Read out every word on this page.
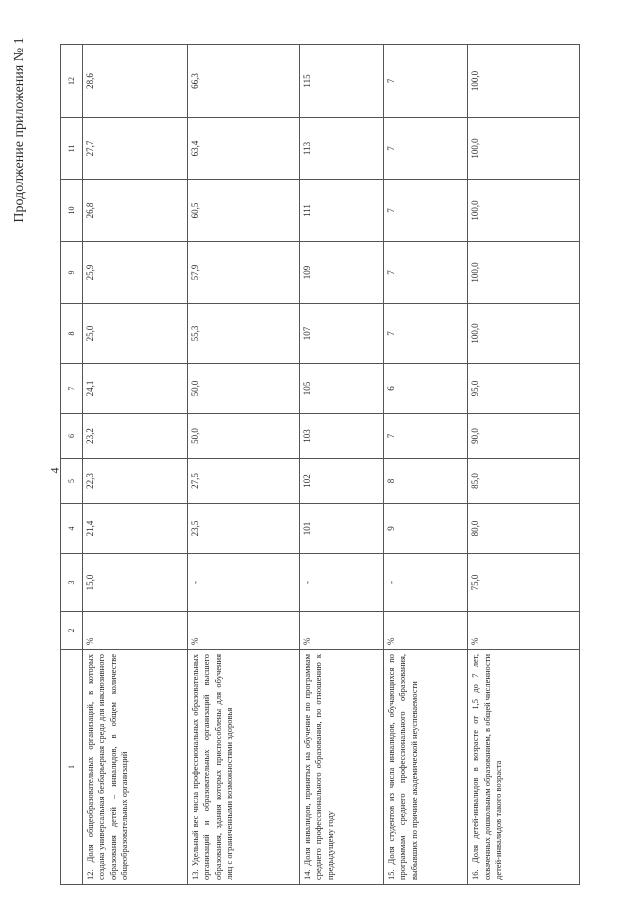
Продолжение приложения № 1
4
1	2	3	4	5	6	7	8	9	10	11	12
12. Доля общеобразовательных организаций, в которых создана универсальная безбарьерная среда для инклюзивного образования детей – инвалидов, в общем количестве общеобразовательных организаций	%	15,0	21,4	22,3	23,2	24,1	25,0	25,9	26,8	27,7	28,6
13. Удельный вес числа профессиональных образовательных организаций и образовательных организаций высшего образования, здания которых приспособлены для обучения лиц с ограниченными возможностями здоровья	%	-	23,5	27,5	50,0	50,0	55,3	57,9	60,5	63,4	66,3
14. Доля инвалидов, принятых на обучение по программам среднего профессионального образования, по отношению к предыдущему году	%	-	101	102	103	105	107	109	111	113	115
15. Доля студентов из числа инвалидов, обучающихся по программам среднего профессионального образования, выбывших по причине академической неуспеваемости	%	-	9	8	7	6	7	7	7	7	7
16. Доля детей-инвалидов в возрасте от 1,5 до 7 лет, охваченных дошкольным образованием, в общей численности детей-инвалидов такого возраста	%	75,0	80,0	85,0	90,0	95,0	100,0	100,0	100,0	100,0	100,0
